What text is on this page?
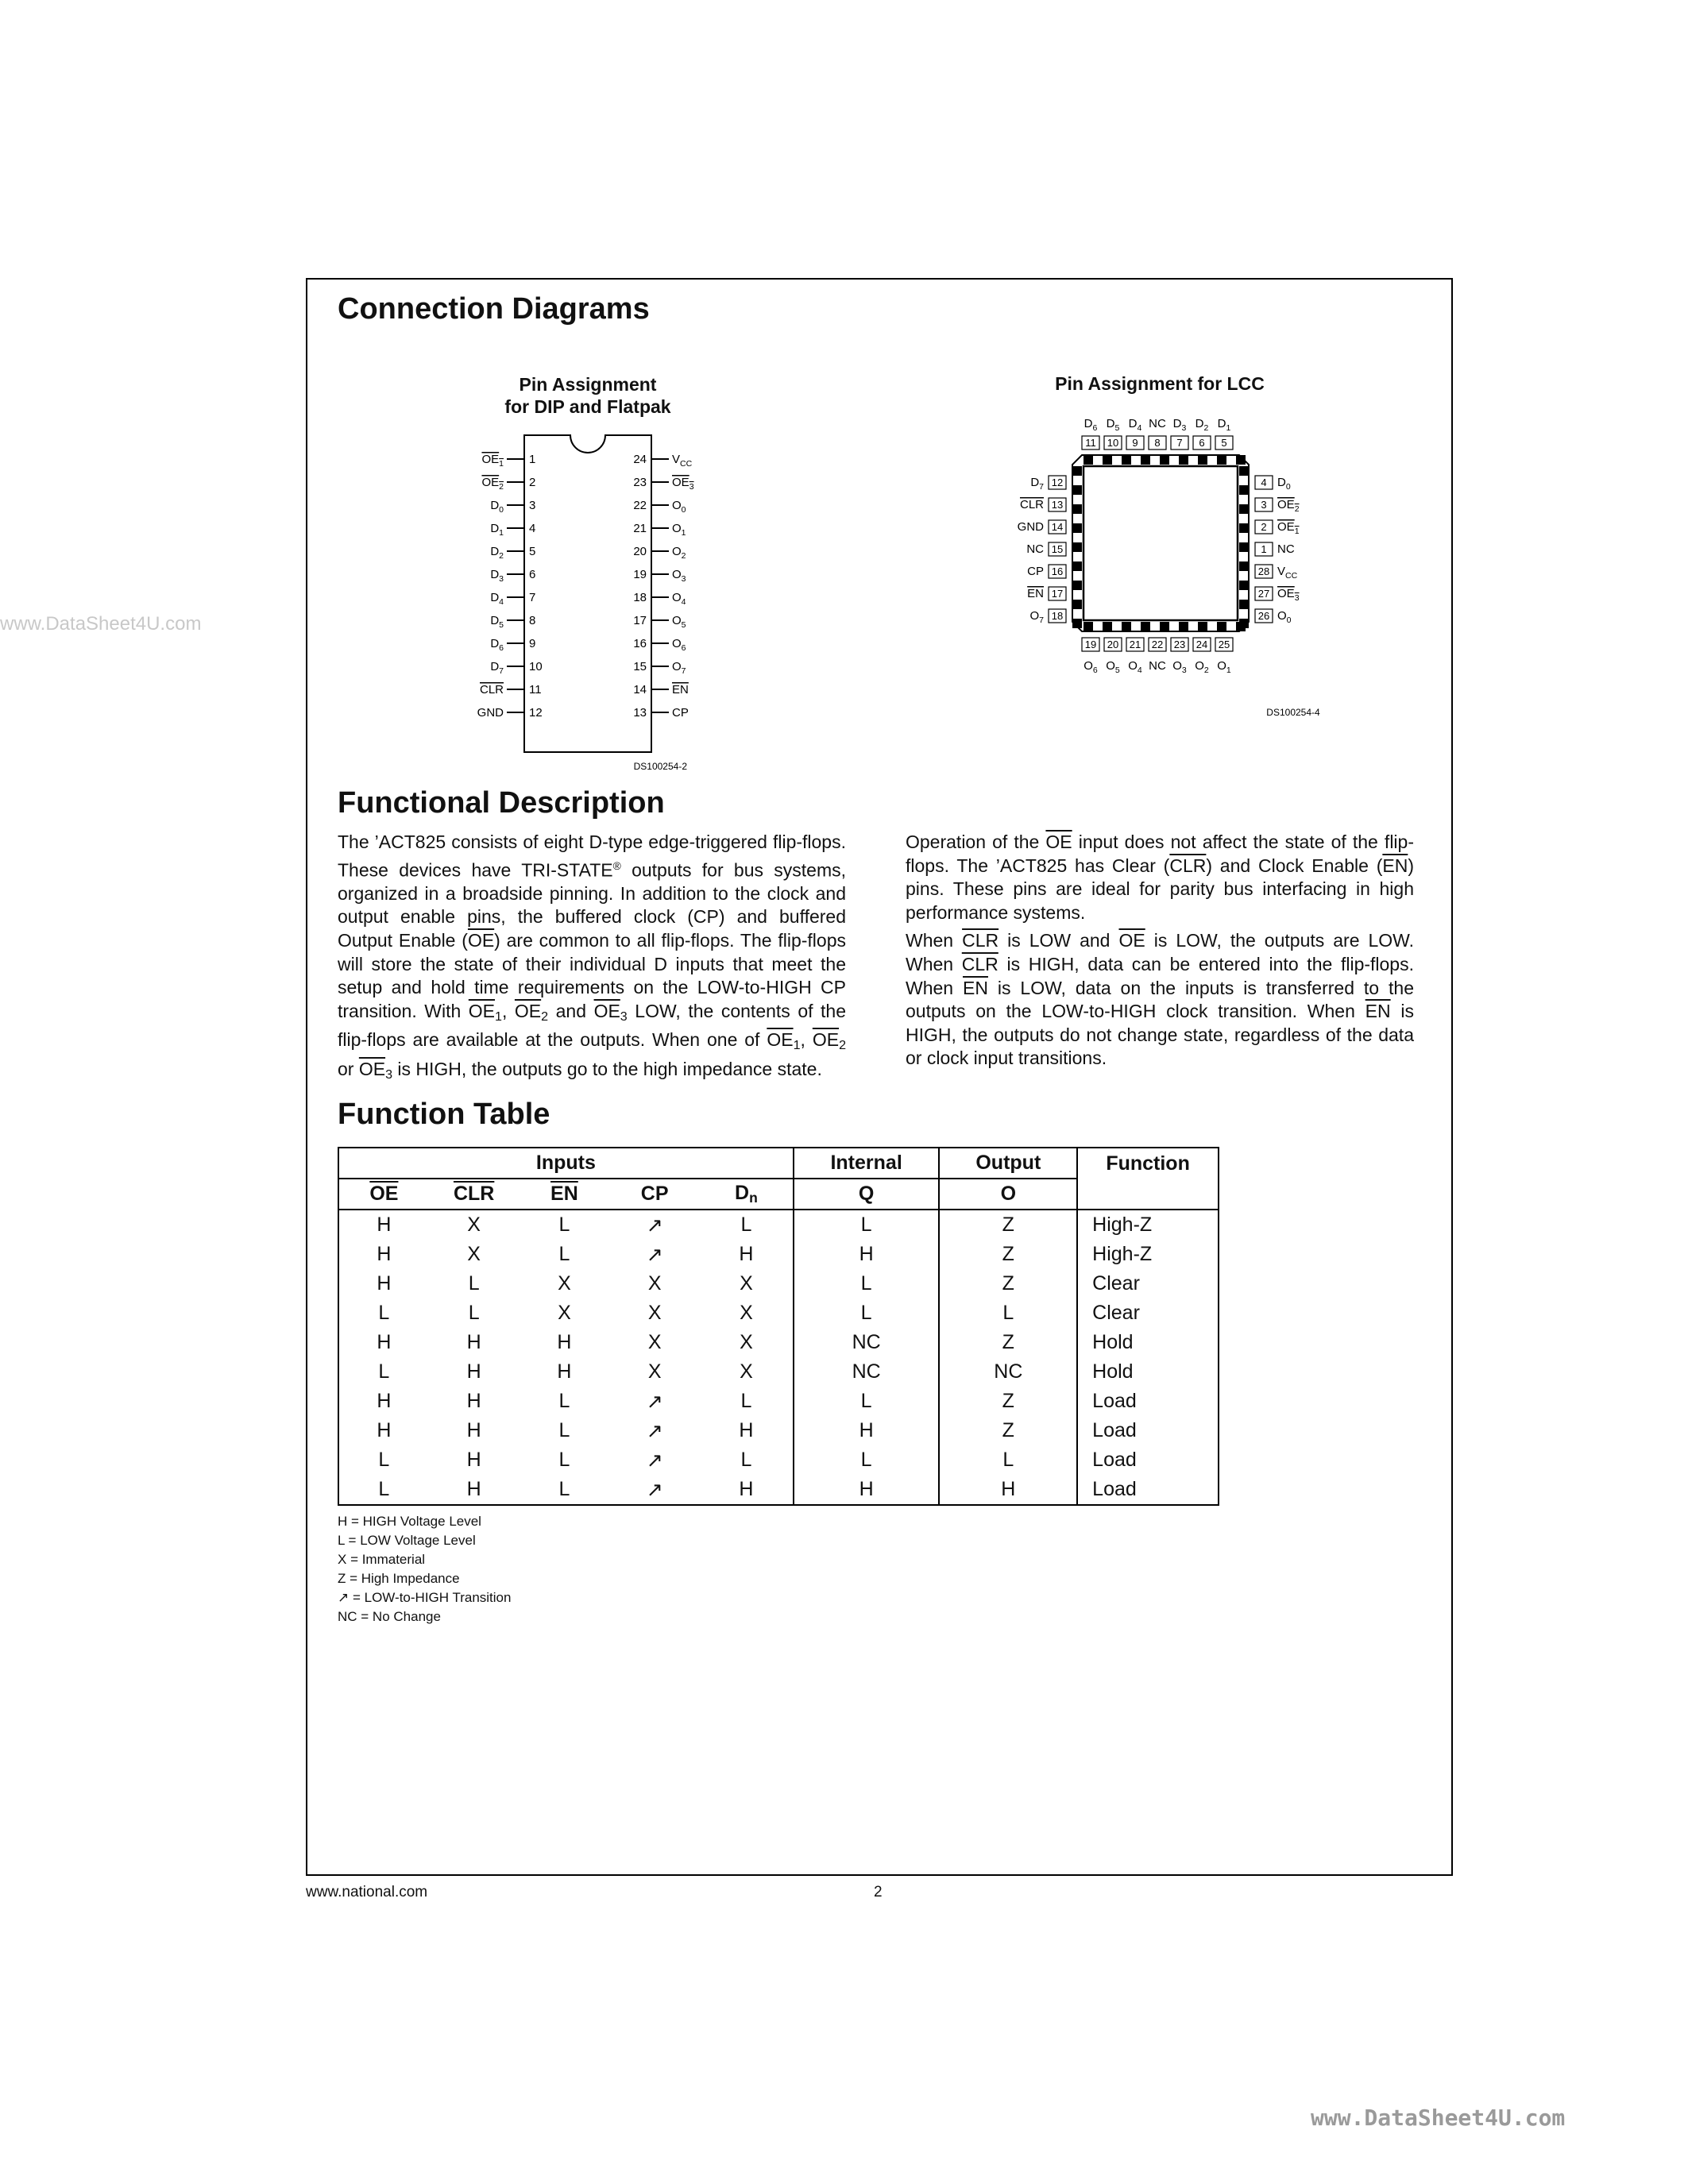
www.DataSheet4U.com
www.DataSheet4U.com
Connection Diagrams
Pin Assignment
for DIP and Flatpak
$OE_1$ 1
$OE_2$ 2
$D_0$ 3
$D_1$ 4
$D_2$ 5
$D_3$ 6
$D_4$ 7
$D_5$ 8
$D_6$ 9
$D_7$ 10
CLR 11
GND 12
$V_{CC}$
24
$OE_3$
23
$O_0$
22
$O_1$
21
$O_2$
20
$O_3$
19
$O_4$
18
$O_5$
17
$O_6$
16
$O_7$
15
EN
14
CP
13
DS100254-2
Pin Assignment for LCC
$D_6$
11
$D_5$
10
$D_4$
9
NC
8
$D_3$
7
$D_2$
6
$D_1$
5
19
$O_6$
20
$O_5$
21
$O_4$
22
NC
23
$O_3$
24
$O_2$
25
$O_1$
12
$D_7$
13
CLR
14
GND
15
NC
16
CP
17
EN
18
$O_7$
4 $D_0$
3 $OE_2$
2 $OE_1$
1 NC
28 $V_{CC}$
27 $OE_3$
26 $O_0$
DS100254-4
Functional Description

The ’ACT825 consists of eight D-type edge-triggered flip-flops. These devices have TRI-STATE® outputs for bus systems, organized in a broadside pinning. In addition to the clock and output enable pins, the buffered clock (CP) and buffered Output Enable $(\overline{OE})$ are common to all flip-flops. The flip-flops will store the state of their individual D inputs that meet the setup and hold time requirements on the LOW-to-HIGH CP transition. With $\overline{OE}_1$, $\overline{OE}_2$ and $\overline{OE}_3$ LOW, the contents of the flip-flops are available at the outputs. When one of $\overline{OE}_1$, $\overline{OE}_2$ or $\overline{OE}_3$ is HIGH, the outputs go to the high impedance state.

Operation of the $\overline{OE}$ input does not affect the state of the flip-flops. The ’ACT825 has Clear $(\overline{CLR})$ and Clock Enable $(\overline{EN})$ pins. These pins are ideal for parity bus interfacing in high performance systems.

When $\overline{CLR}$ is LOW and $\overline{OE}$ is LOW, the outputs are LOW. When $\overline{CLR}$ is HIGH, data can be entered into the flip-flops. When $\overline{EN}$ is LOW, data on the inputs is transferred to the outputs on the LOW-to-HIGH clock transition. When $\overline{EN}$ is HIGH, the outputs do not change state, regardless of the data or clock input transitions.

Function Table
Inputs					Internal	Output	Function
$\overline{OE}$	$\overline{CLR}$	$\overline{EN}$	CP	$D_n$	Q	O	
H	X	L	↗	L	L	Z	High-Z
H	X	L	↗	H	H	Z	High-Z
H	L	X	X	X	L	Z	Clear
L	L	X	X	X	L	L	Clear
H	H	H	X	X	NC	Z	Hold
L	H	H	X	X	NC	NC	Hold
H	H	L	↗	L	L	Z	Load
H	H	L	↗	H	H	Z	Load
L	H	L	↗	L	L	L	Load
L	H	L	↗	H	H	H	Load
H = HIGH Voltage Level
L = LOW Voltage Level
X = Immaterial
Z = High Impedance
↗ = LOW-to-HIGH Transition
NC = No Change
www.national.com	2
